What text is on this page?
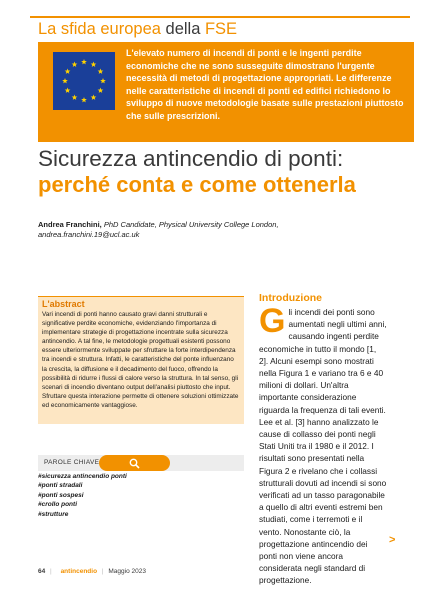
La sfida europea della FSE
L'elevato numero di incendi di ponti e le ingenti perdite economiche che ne sono susseguite dimostrano l'urgente necessità di metodi di progettazione appropriati. Le differenze nelle caratteristiche di incendi di ponti ed edifici richiedono lo sviluppo di nuove metodologie basate sulle prestazioni piuttosto che sulle prescrizioni.
Sicurezza antincendio di ponti:
perché conta e come ottenerla
Andrea Franchini, PhD Candidate, Physical University College London,
andrea.franchini.19@ucl.ac.uk
L'abstract
Vari incendi di ponti hanno causato gravi danni strutturali e significative perdite economiche, evidenziando l'importanza di implementare strategie di progettazione incentrate sulla sicurezza antincendio. A tal fine, le metodologie progettuali esistenti possono essere ulteriormente sviluppate per sfruttare la forte interdipendenza tra incendi e struttura. Infatti, le caratteristiche del ponte influenzano la crescita, la diffusione e il decadimento del fuoco, offrendo la possibilità di ridurre i flussi di calore verso la struttura. In tal senso, gli scenari di incendio diventano output dell'analisi piuttosto che input. Sfruttare questa interazione permette di ottenere soluzioni ottimizzate ed economicamente vantaggiose.
PAROLE CHIAVE
#sicurezza antincendio ponti
#ponti stradali
#ponti sospesi
#crollo ponti
#strutture
Introduzione
Gli incendi dei ponti sono aumentati negli ultimi anni, causando ingenti perdite economiche in tutto il mondo [1, 2]. Alcuni esempi sono mostrati nella Figura 1 e variano tra 6 e 40 milioni di dollari. Un'altra importante considerazione riguarda la frequenza di tali eventi. Lee et al. [3] hanno analizzato le cause di collasso dei ponti negli Stati Uniti tra il 1980 e il 2012. I risultati sono presentati nella Figura 2 e rivelano che i collassi strutturali dovuti ad incendi si sono verificati ad un tasso paragonabile a quello di altri eventi estremi ben studiati, come i terremoti e il vento. Nonostante ciò, la progettazione antincendio dei ponti non viene ancora considerata negli standard di progettazione.
>
64 | antincendio | Maggio 2023
